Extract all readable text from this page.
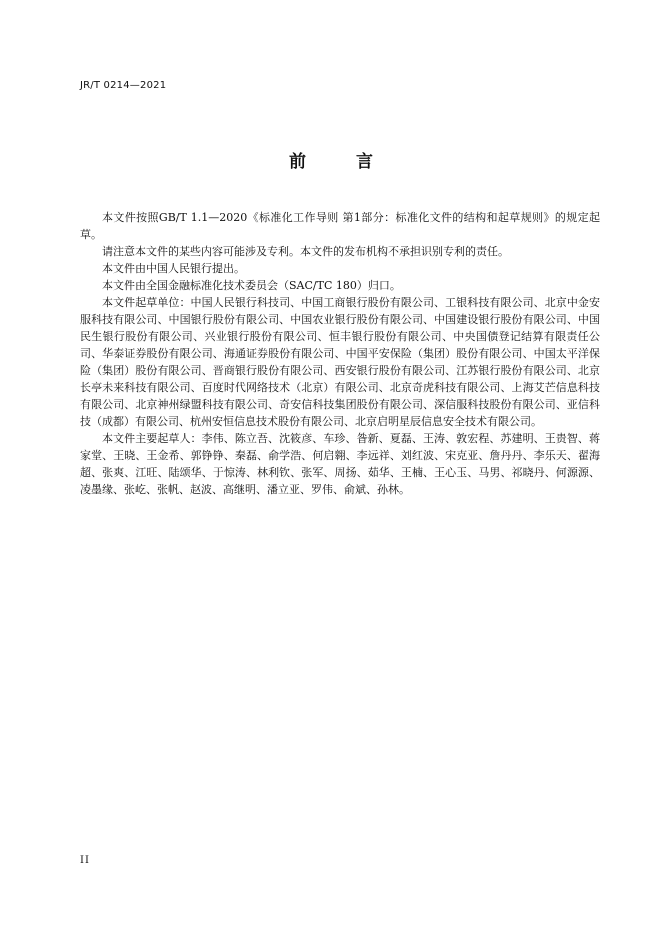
JR/T 0214—2021
前 言

本文件按照GB/T 1.1—2020《标准化工作导则 第1部分：标准化文件的结构和起草规则》的规定起草。

请注意本文件的某些内容可能涉及专利。本文件的发布机构不承担识别专利的责任。

本文件由中国人民银行提出。

本文件由全国金融标准化技术委员会（SAC/TC 180）归口。

本文件起草单位：中国人民银行科技司、中国工商银行股份有限公司、工银科技有限公司、北京中金安服科技有限公司、中国银行股份有限公司、中国农业银行股份有限公司、中国建设银行股份有限公司、中国民生银行股份有限公司、兴业银行股份有限公司、恒丰银行股份有限公司、中央国债登记结算有限责任公司、华泰证券股份有限公司、海通证券股份有限公司、中国平安保险（集团）股份有限公司、中国太平洋保险（集团）股份有限公司、晋商银行股份有限公司、西安银行股份有限公司、江苏银行股份有限公司、北京长亭未来科技有限公司、百度时代网络技术（北京）有限公司、北京奇虎科技有限公司、上海艾芒信息科技有限公司、北京神州绿盟科技有限公司、奇安信科技集团股份有限公司、深信服科技股份有限公司、亚信科技（成都）有限公司、杭州安恒信息技术股份有限公司、北京启明星辰信息安全技术有限公司。

本文件主要起草人：李伟、陈立吾、沈筱彦、车珍、昝新、夏磊、王涛、敦宏程、苏建明、王贵智、蒋家堂、王晓、王金希、郭铮铮、秦磊、俞学浩、何启翱、李远祥、刘红波、宋克亚、詹丹丹、李乐天、翟海超、张爽、江旺、陆颂华、于惊涛、林利钦、张军、周扬、茹华、王楠、王心玉、马男、祁晓丹、何源源、凌墨缘、张屹、张帆、赵波、高继明、潘立亚、罗伟、俞斌、孙林。

II
